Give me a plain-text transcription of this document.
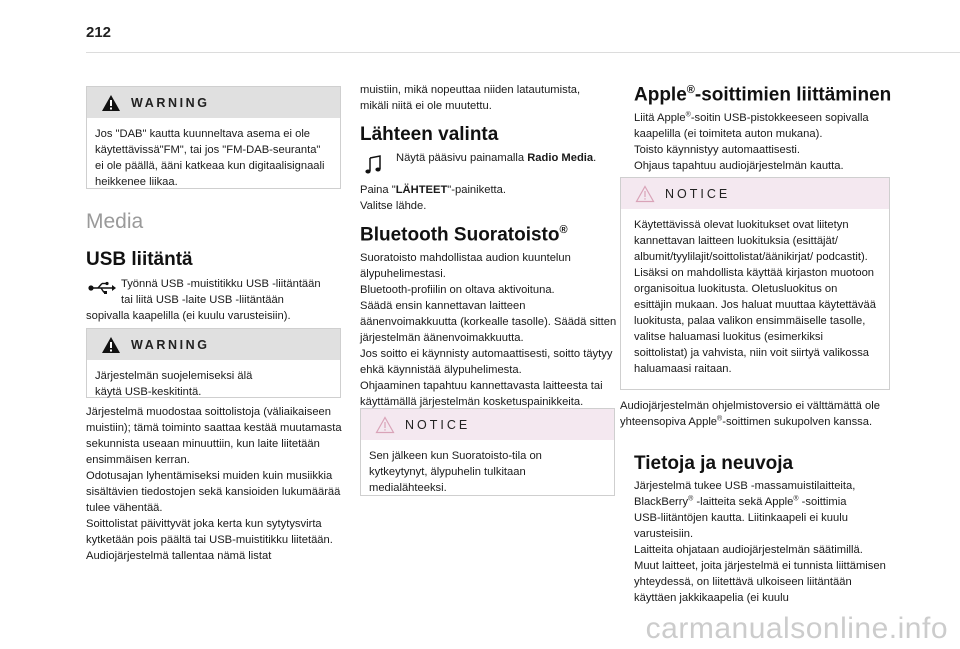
212
WARNING
Jos "DAB" kautta kuunneltava asema ei ole käytettävissä"FM", tai jos "FM-DAB-seuranta" ei ole päällä, ääni katkeaa kun digitaalisignaali heikkenee liikaa.
Media
USB liitäntä
Työnnä USB -muistitikku USB -liitäntään
tai liitä USB -laite USB -liitäntään
sopivalla kaapelilla (ei kuulu varusteisiin).
WARNING
Järjestelmän suojelemiseksi älä käytä USB-keskitintä.
Järjestelmä muodostaa soittolistoja (väliaikaiseen muistiin); tämä toiminto saattaa kestää muutamasta sekunnista useaan minuuttiin, kun laite liitetään ensimmäisen kerran.
Odotusajan lyhentämiseksi muiden kuin musiikkia sisältävien tiedostojen sekä kansioiden lukumäärää tulee vähentää.
Soittolistat päivittyvät joka kerta kun sytytysvirta kytketään pois päältä tai USB-muistitikku liitetään. Audiojärjestelmä tallentaa nämä listat
muistiin, mikä nopeuttaa niiden latautumista, mikäli niitä ei ole muutettu.
Lähteen valinta
Näytä pääsivu painamalla Radio Media.
Paina "LÄHTEET"-painiketta.
Valitse lähde.
Bluetooth Suoratoisto®
Suoratoisto mahdollistaa audion kuuntelun älypuhelimestasi.
Bluetooth-profiilin on oltava aktivoituna.
Säädä ensin kannettavan laitteen äänenvoimakkuutta (korkealle tasolle). Säädä sitten järjestelmän äänenvoimakkuutta.
Jos soitto ei käynnisty automaattisesti, soitto täytyy ehkä käynnistää älypuhelimesta.
Ohjaaminen tapahtuu kannettavasta laitteesta tai käyttämällä järjestelmän kosketuspainikkeita.
NOTICE
Sen jälkeen kun Suoratoisto-tila on kytkeytynyt, älypuhelin tulkitaan medialähteeksi.
Apple®-soittimien liittäminen
Liitä Apple®-soitin USB-pistokkeeseen sopivalla
kaapelilla (ei toimiteta auton mukana).
Toisto käynnistyy automaattisesti.
Ohjaus tapahtuu audiojärjestelmän kautta.
NOTICE
Käytettävissä olevat luokitukset ovat liitetyn kannettavan laitteen luokituksia (esittäjät/ albumit/tyylilajit/soittolistat/äänikirjat/ podcastit). Lisäksi on mahdollista käyttää kirjaston muotoon organisoitua luokitusta. Oletusluokitus on esittäjin mukaan. Jos haluat muuttaa käytettävää luokitusta, palaa valikon ensimmäiselle tasolle, valitse haluamasi luokitus (esimerkiksi soittolistat) ja vahvista, niin voit siirtyä valikossa haluamaasi raitaan.
Audiojärjestelmän ohjelmistoversio ei välttämättä ole yhteensopiva Apple®-soittimen sukupolven kanssa.
Tietoja ja neuvoja
Järjestelmä tukee USB -massamuistilaitteita,
BlackBerry® -laitteita sekä Apple® -soittimia
USB-liitäntöjen kautta. Liitinkaapeli ei kuulu varusteisiin.
Laitteita ohjataan audiojärjestelmän säätimillä.
Muut laitteet, joita järjestelmä ei tunnista liittämisen yhteydessä, on liitettävä ulkoiseen liitäntään käyttäen jakkikaapelia (ei kuulu
carmanualsonline.info
